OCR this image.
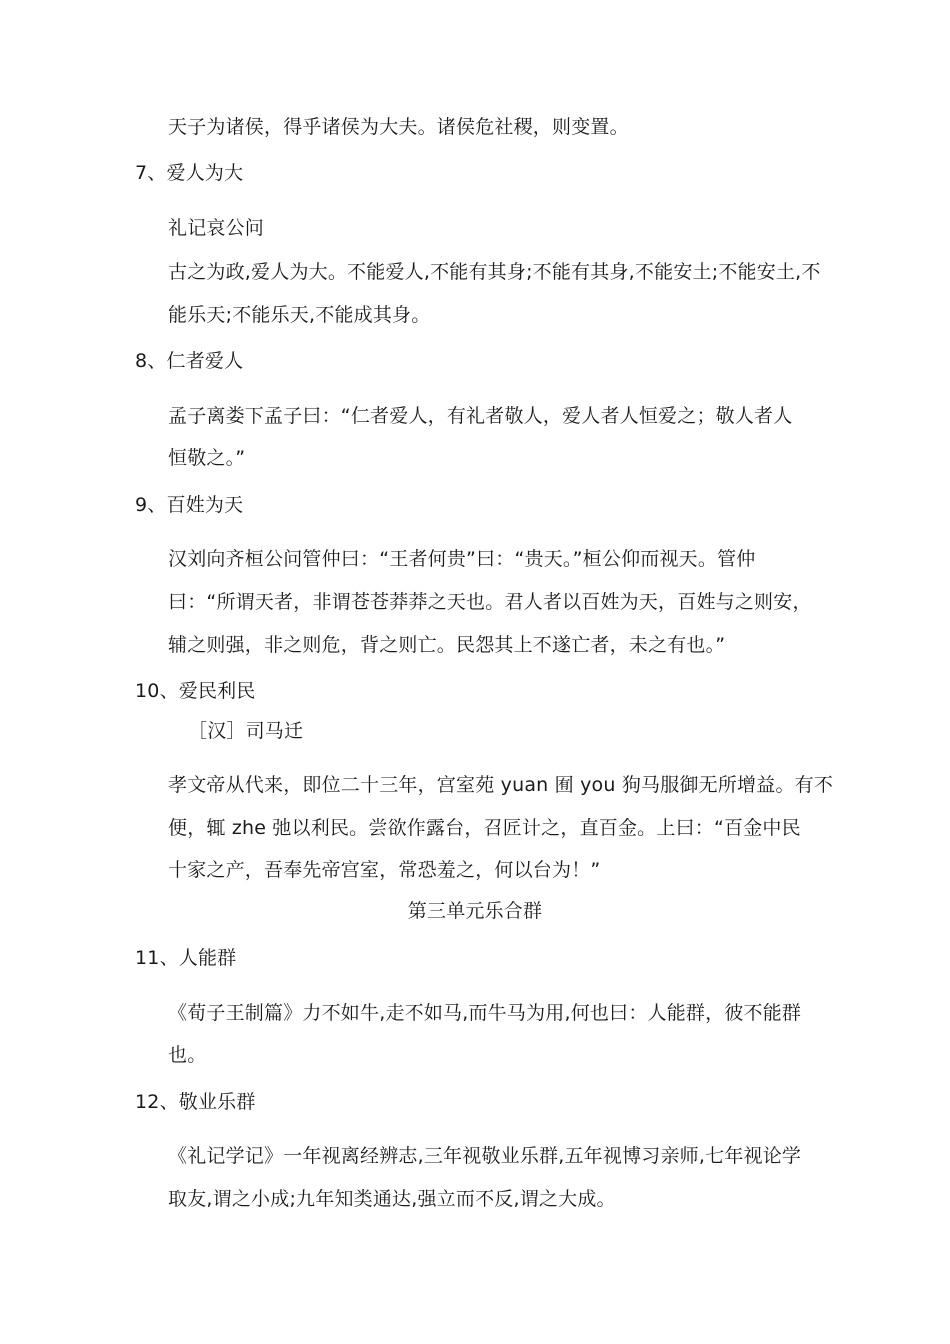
天子为诸侯，得乎诸侯为大夫。诸侯危社稷，则变置。
7、爱人为大
礼记哀公问
古之为政,爱人为大。不能爱人,不能有其身;不能有其身,不能安土;不能安土,不
能乐天;不能乐天,不能成其身。
8、仁者爱人
孟子离娄下孟子曰：“仁者爱人，有礼者敬人，爱人者人恒爱之；敬人者人
恒敬之。”
9、百姓为天
汉刘向齐桓公问管仲曰：“王者何贵”曰：“贵天。”桓公仰而视天。管仲
曰：“所谓天者，非谓苍苍莽莽之天也。君人者以百姓为天，百姓与之则安，
辅之则强，非之则危，背之则亡。民怨其上不遂亡者，未之有也。”
10、爱民利民
［汉］司马迁
孝文帝从代来，即位二十三年，宫室苑 yuan 囿 you 狗马服御无所增益。有不
便，辄 zhe 弛以利民。尝欲作露台，召匠计之，直百金。上曰：“百金中民
十家之产，吾奉先帝宫室，常恐羞之，何以台为！”
第三单元乐合群
11、人能群
《荀子王制篇》力不如牛,走不如马,而牛马为用,何也曰：人能群，彼不能群
也。
12、敬业乐群
《礼记学记》一年视离经辨志,三年视敬业乐群,五年视博习亲师,七年视论学
取友,谓之小成;九年知类通达,强立而不反,谓之大成。
